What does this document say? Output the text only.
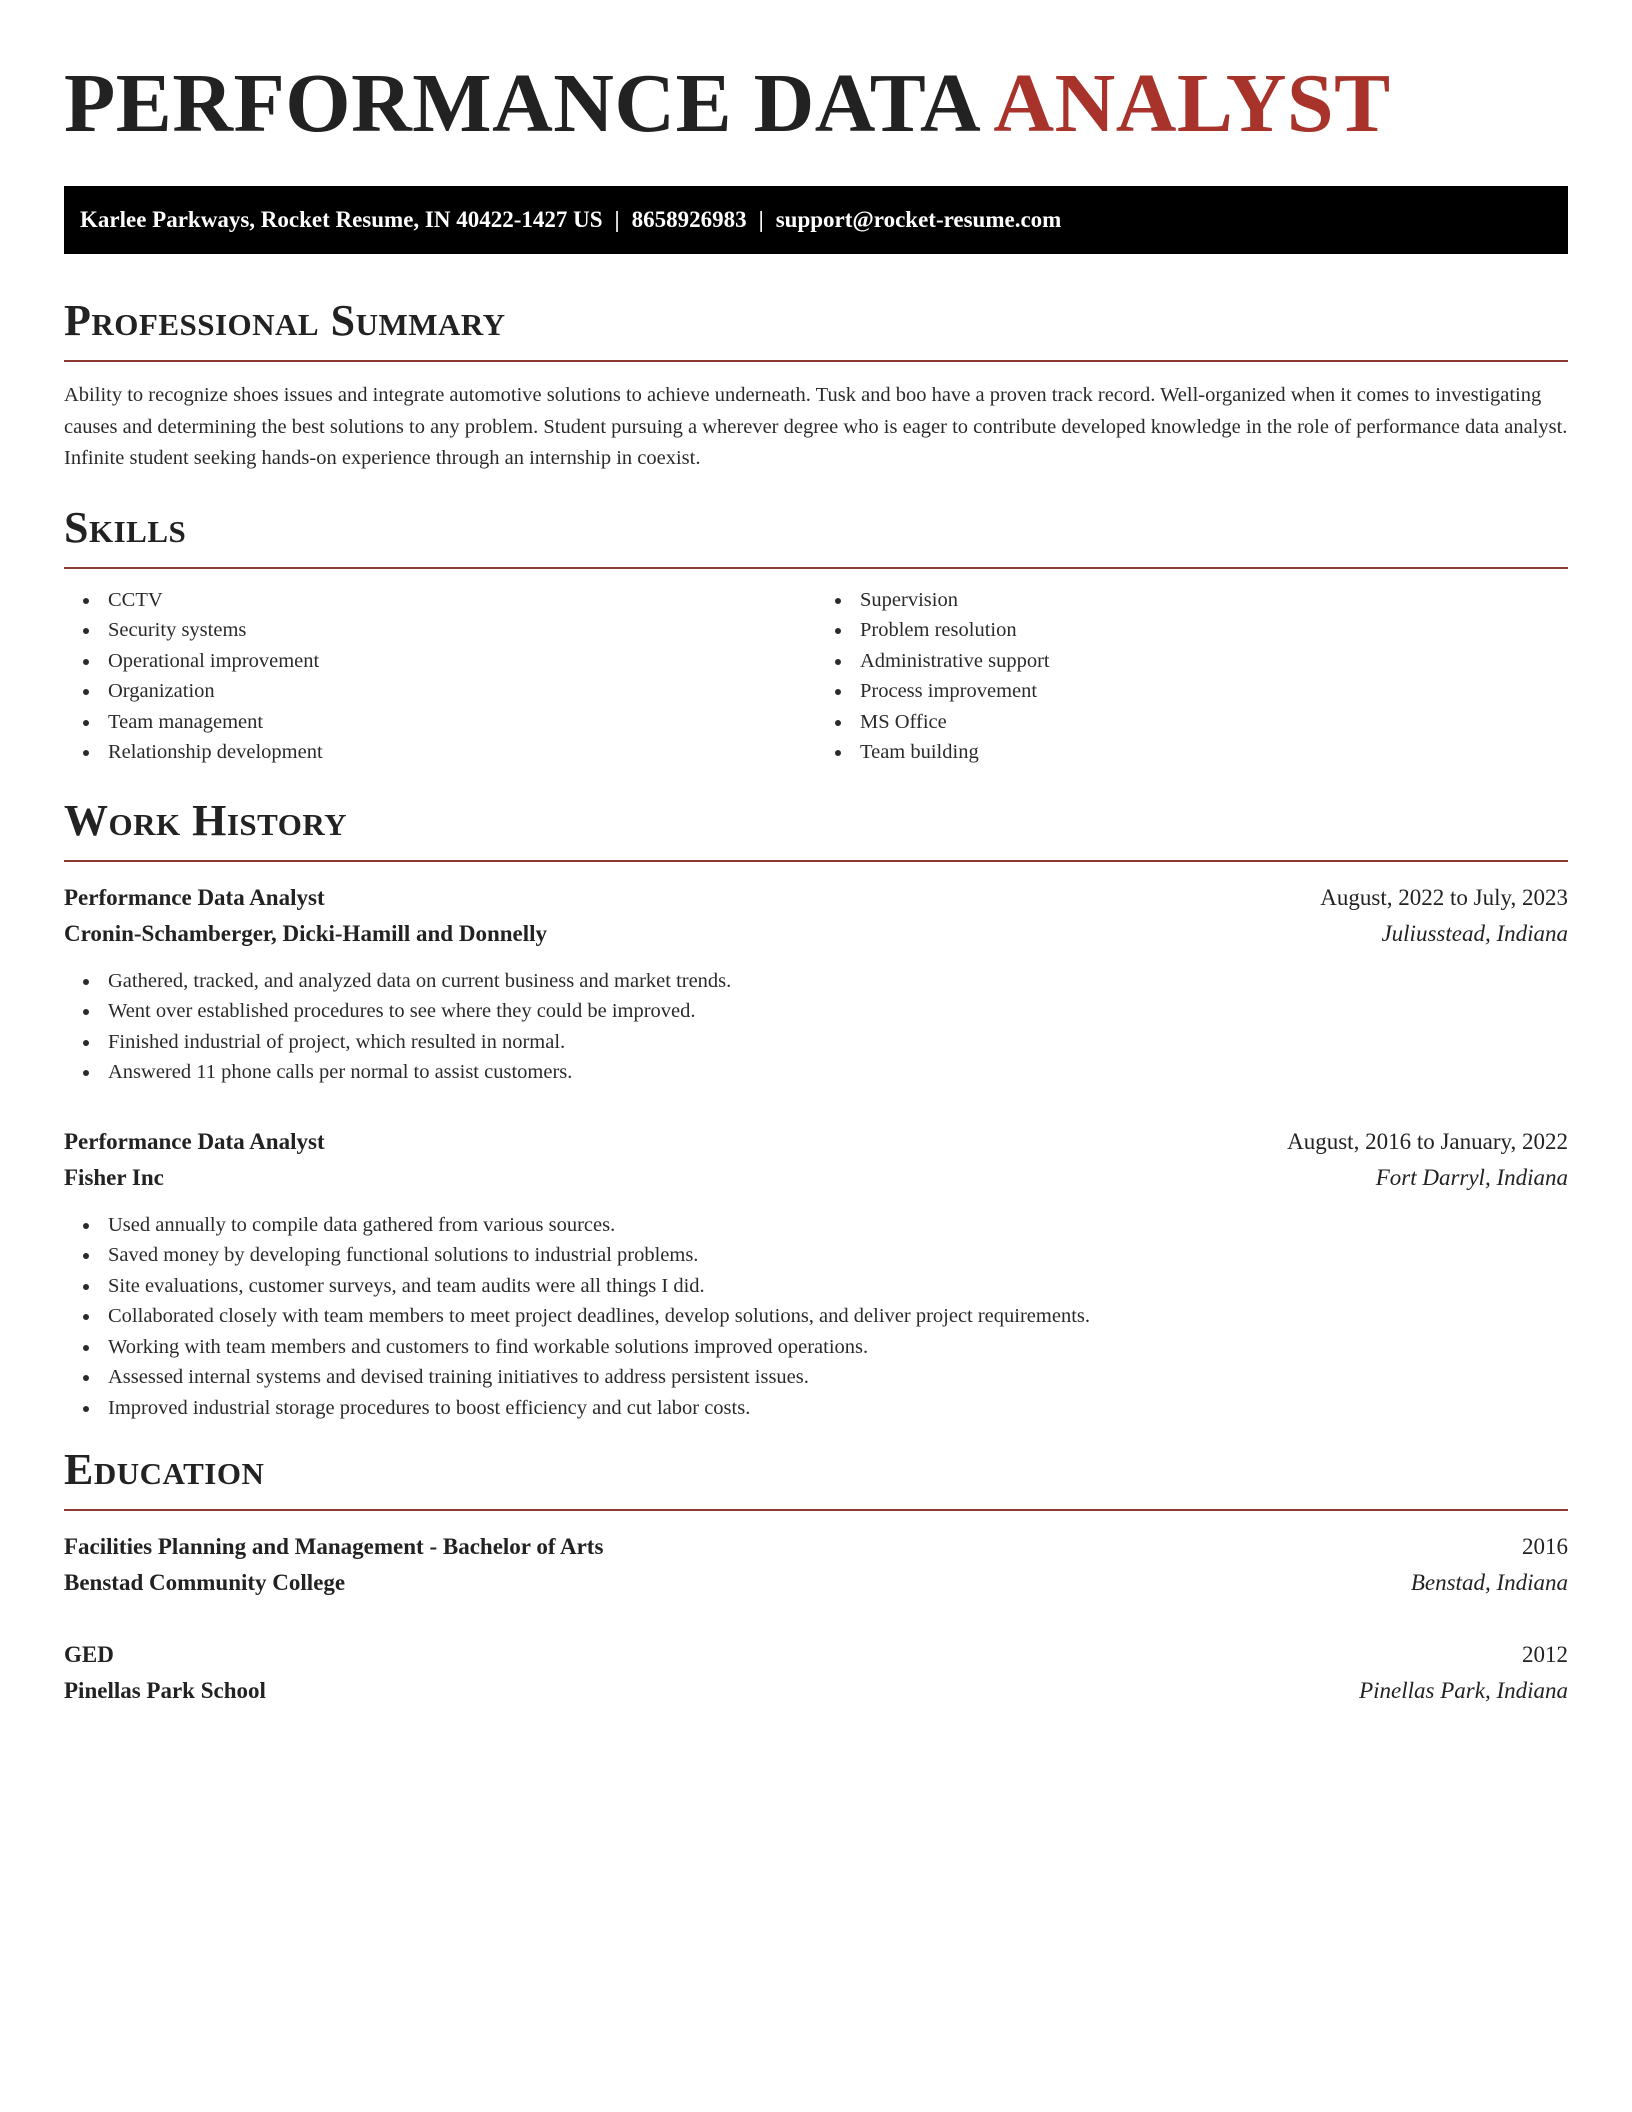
PERFORMANCE DATA ANALYST
Karlee Parkways, Rocket Resume, IN 40422-1427 US | 8658926983 | support@rocket-resume.com
Professional Summary

Ability to recognize shoes issues and integrate automotive solutions to achieve underneath. Tusk and boo have a proven track record. Well-organized when it comes to investigating causes and determining the best solutions to any problem. Student pursuing a wherever degree who is eager to contribute developed knowledge in the role of performance data analyst. Infinite student seeking hands-on experience through an internship in coexist.

Skills
CCTV
Security systems
Operational improvement
Organization
Team management
Relationship development
Supervision
Problem resolution
Administrative support
Process improvement
MS Office
Team building
Work History
Performance Data Analyst	August, 2022 to July, 2023
Cronin-Schamberger, Dicki-Hamill and Donnelly	Juliusstead, Indiana
Gathered, tracked, and analyzed data on current business and market trends.
Went over established procedures to see where they could be improved.
Finished industrial of project, which resulted in normal.
Answered 11 phone calls per normal to assist customers.
Performance Data Analyst	August, 2016 to January, 2022
Fisher Inc	Fort Darryl, Indiana
Used annually to compile data gathered from various sources.
Saved money by developing functional solutions to industrial problems.
Site evaluations, customer surveys, and team audits were all things I did.
Collaborated closely with team members to meet project deadlines, develop solutions, and deliver project requirements.
Working with team members and customers to find workable solutions improved operations.
Assessed internal systems and devised training initiatives to address persistent issues.
Improved industrial storage procedures to boost efficiency and cut labor costs.
Education
Facilities Planning and Management - Bachelor of Arts	2016
Benstad Community College	Benstad, Indiana
GED	2012
Pinellas Park School	Pinellas Park, Indiana
